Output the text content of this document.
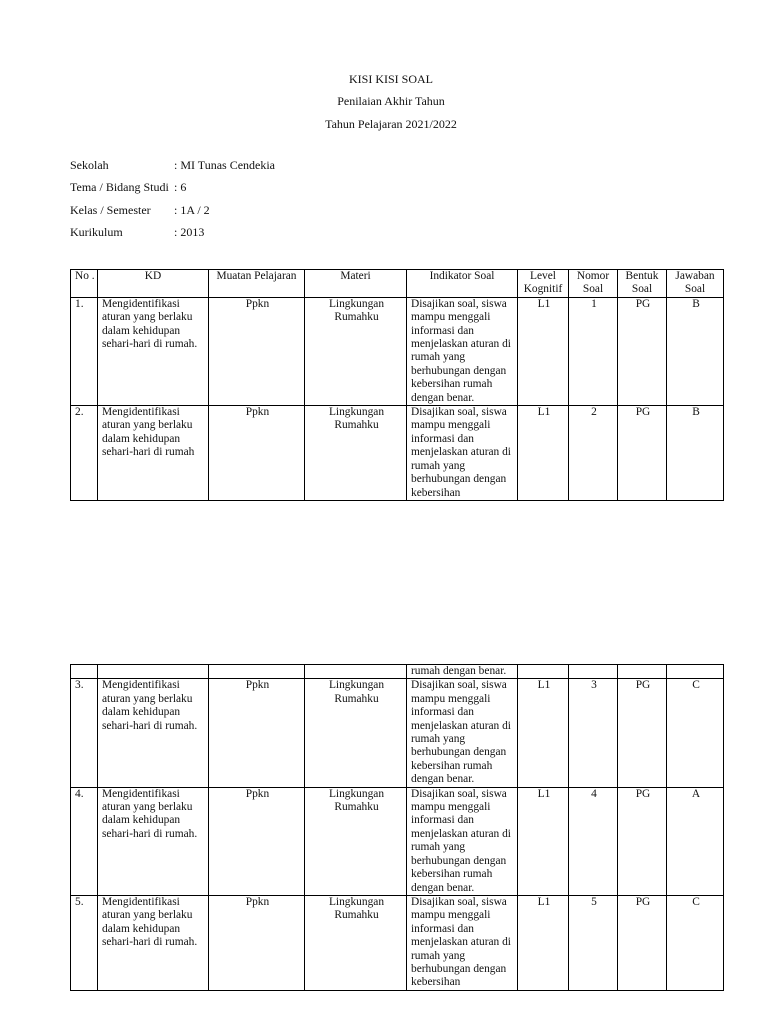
KISI KISI SOAL
Penilaian Akhir Tahun
Tahun Pelajaran 2021/2022
Sekolah	: MI Tunas Cendekia
Tema / Bidang Studi : 6
Kelas / Semester : 1A / 2
Kurikulum	: 2013
No .	KD	Muatan Pelajaran	Materi	Indikator Soal	Level Kognitif	Nomor Soal	Bentuk Soal	Jawaban Soal
1.	Mengidentifikasi aturan yang berlaku dalam kehidupan sehari-hari di rumah.	Ppkn	Lingkungan Rumahku	Disajikan soal, siswa mampu menggali informasi dan menjelaskan aturan di rumah yang berhubungan dengan kebersihan rumah dengan benar.	L1	1	PG	B
2.	Mengidentifikasi aturan yang berlaku dalam kehidupan sehari-hari di rumah	Ppkn	Lingkungan Rumahku	Disajikan soal, siswa mampu menggali informasi dan menjelaskan aturan di rumah yang berhubungan dengan kebersihan	L1	2	PG	B
				rumah dengan benar.				
3.	Mengidentifikasi aturan yang berlaku dalam kehidupan sehari-hari di rumah.	Ppkn	Lingkungan Rumahku	Disajikan soal, siswa mampu menggali informasi dan menjelaskan aturan di rumah yang berhubungan dengan kebersihan rumah dengan benar.	L1	3	PG	C
4.	Mengidentifikasi aturan yang berlaku dalam kehidupan sehari-hari di rumah.	Ppkn	Lingkungan Rumahku	Disajikan soal, siswa mampu menggali informasi dan menjelaskan aturan di rumah yang berhubungan dengan kebersihan rumah dengan benar.	L1	4	PG	A
5.	Mengidentifikasi aturan yang berlaku dalam kehidupan sehari-hari di rumah.	Ppkn	Lingkungan Rumahku	Disajikan soal, siswa mampu menggali informasi dan menjelaskan aturan di rumah yang berhubungan dengan kebersihan	L1	5	PG	C
